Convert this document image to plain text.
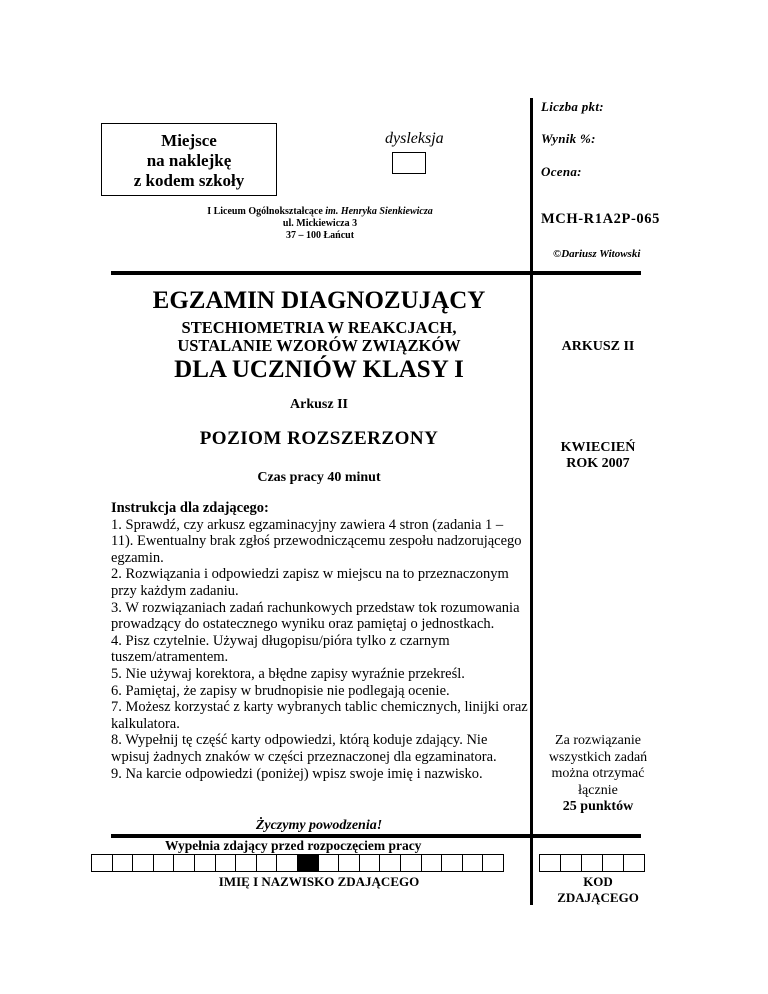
Miejsce
na naklejkę
z kodem szkoły
dysleksja
I Liceum Ogólnokształcące im. Henryka Sienkiewicza
ul. Mickiewicza 3
37 – 100 Łańcut
Liczba pkt:
Wynik %:
Ocena:
MCH-R1A2P-065
©Dariusz Witowski
EGZAMIN DIAGNOZUJĄCY
STECHIOMETRIA W REAKCJACH,
USTALANIE WZORÓW ZWIĄZKÓW
DLA UCZNIÓW KLASY I
Arkusz II
POZIOM ROZSZERZONY
Czas pracy 40 minut
Instrukcja dla zdającego:
1. Sprawdź, czy arkusz egzaminacyjny zawiera 4 stron (zadania 1 – 11). Ewentualny brak zgłoś przewodniczącemu zespołu nadzorującego egzamin.
2. Rozwiązania i odpowiedzi zapisz w miejscu na to przeznaczonym przy każdym zadaniu.
3. W rozwiązaniach zadań rachunkowych przedstaw tok rozumowania prowadzący do ostatecznego wyniku oraz pamiętaj o jednostkach.
4. Pisz czytelnie. Używaj długopisu/pióra tylko z czarnym tuszem/atramentem.
5. Nie używaj korektora, a błędne zapisy wyraźnie przekreśl.
6. Pamiętaj, że zapisy w brudnopisie nie podlegają ocenie.
7. Możesz korzystać z karty wybranych tablic chemicznych, linijki oraz kalkulatora.
8. Wypełnij tę część karty odpowiedzi, którą koduje zdający. Nie wpisuj żadnych znaków w części przeznaczonej dla egzaminatora.
9. Na karcie odpowiedzi (poniżej) wpisz swoje imię i nazwisko.
Życzymy powodzenia!
ARKUSZ II
KWIECIEŃ
ROK 2007
Za rozwiązanie
wszystkich zadań
można otrzymać
łącznie
25 punktów
Wypełnia zdający przed rozpoczęciem pracy
IMIĘ I NAZWISKO ZDAJĄCEGO	KOD
ZDAJĄCEGO
